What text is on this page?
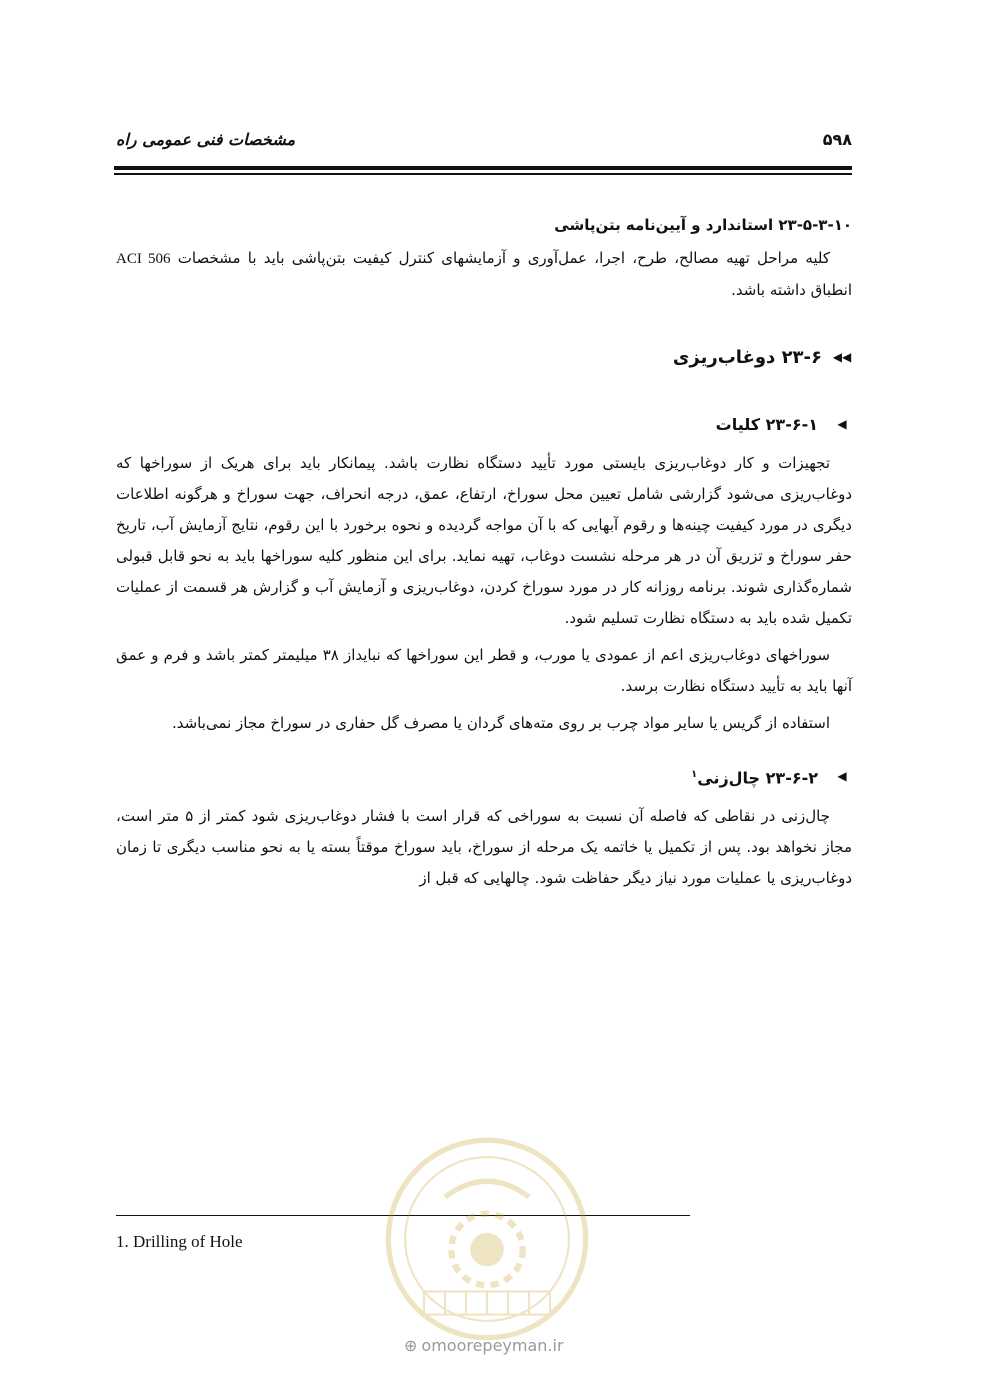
مشخصات فنی عمومی راه	۵۹۸
۲۳-۵-۳-۱۰ استاندارد و آیین‌نامه بتن‌پاشی

کلیه مراحل تهیه مصالح، طرح، اجرا، عمل‌آوری و آزمایشهای کنترل کیفیت بتن‌پاشی باید با مشخصات ACI 506 انطباق داشته باشد.

◀◀
۲۳-۶ دوغاب‌ریزی
◀
۲۳-۶-۱ کلیات

تجهیزات و کار دوغاب‌ریزی بایستی مورد تأیید دستگاه نظارت باشد. پیمانکار باید برای هریک از سوراخها که دوغاب‌ریزی می‌شود گزارشی شامل تعیین محل سوراخ، ارتفاع، عمق، درجه انحراف، جهت سوراخ و هرگونه اطلاعات دیگری در مورد کیفیت چینه‌ها و رقوم آبهایی که با آن مواجه گردیده و نحوه برخورد با این رقوم، نتایج آزمایش آب، تاریخ حفر سوراخ و تزریق آن در هر مرحله نشست دوغاب، تهیه نماید. برای این منظور کلیه سوراخها باید به نحو قابل قبولی شماره‌گذاری شوند. برنامه روزانه کار در مورد سوراخ کردن، دوغاب‌ریزی و آزمایش آب و گزارش هر قسمت از عملیات تکمیل شده باید به دستگاه نظارت تسلیم شود.

سوراخهای دوغاب‌ریزی اعم از عمودی یا مورب، و قطر این سوراخها که نبایداز ۳۸ میلیمتر کمتر باشد و فرم و عمق آنها باید به تأیید دستگاه نظارت برسد.

استفاده از گریس یا سایر مواد چرب بر روی مته‌های گردان یا مصرف گل حفاری در سوراخ مجاز نمی‌باشد.

◀
۲۳-۶-۲ چال‌زنی$^۱$

چال‌زنی در نقاطی که فاصله آن نسبت به سوراخی که قرار است با فشار دوغاب‌ریزی شود کمتر از ۵ متر است، مجاز نخواهد بود. پس از تکمیل یا خاتمه یک مرحله از سوراخ، باید سوراخ موقتاً بسته یا به نحو مناسب دیگری تا زمان دوغاب‌ریزی یا عملیات مورد نیاز دیگر حفاظت شود. چالهایی که قبل از

1. Drilling of Hole
⊕ omoorepeyman.ir
